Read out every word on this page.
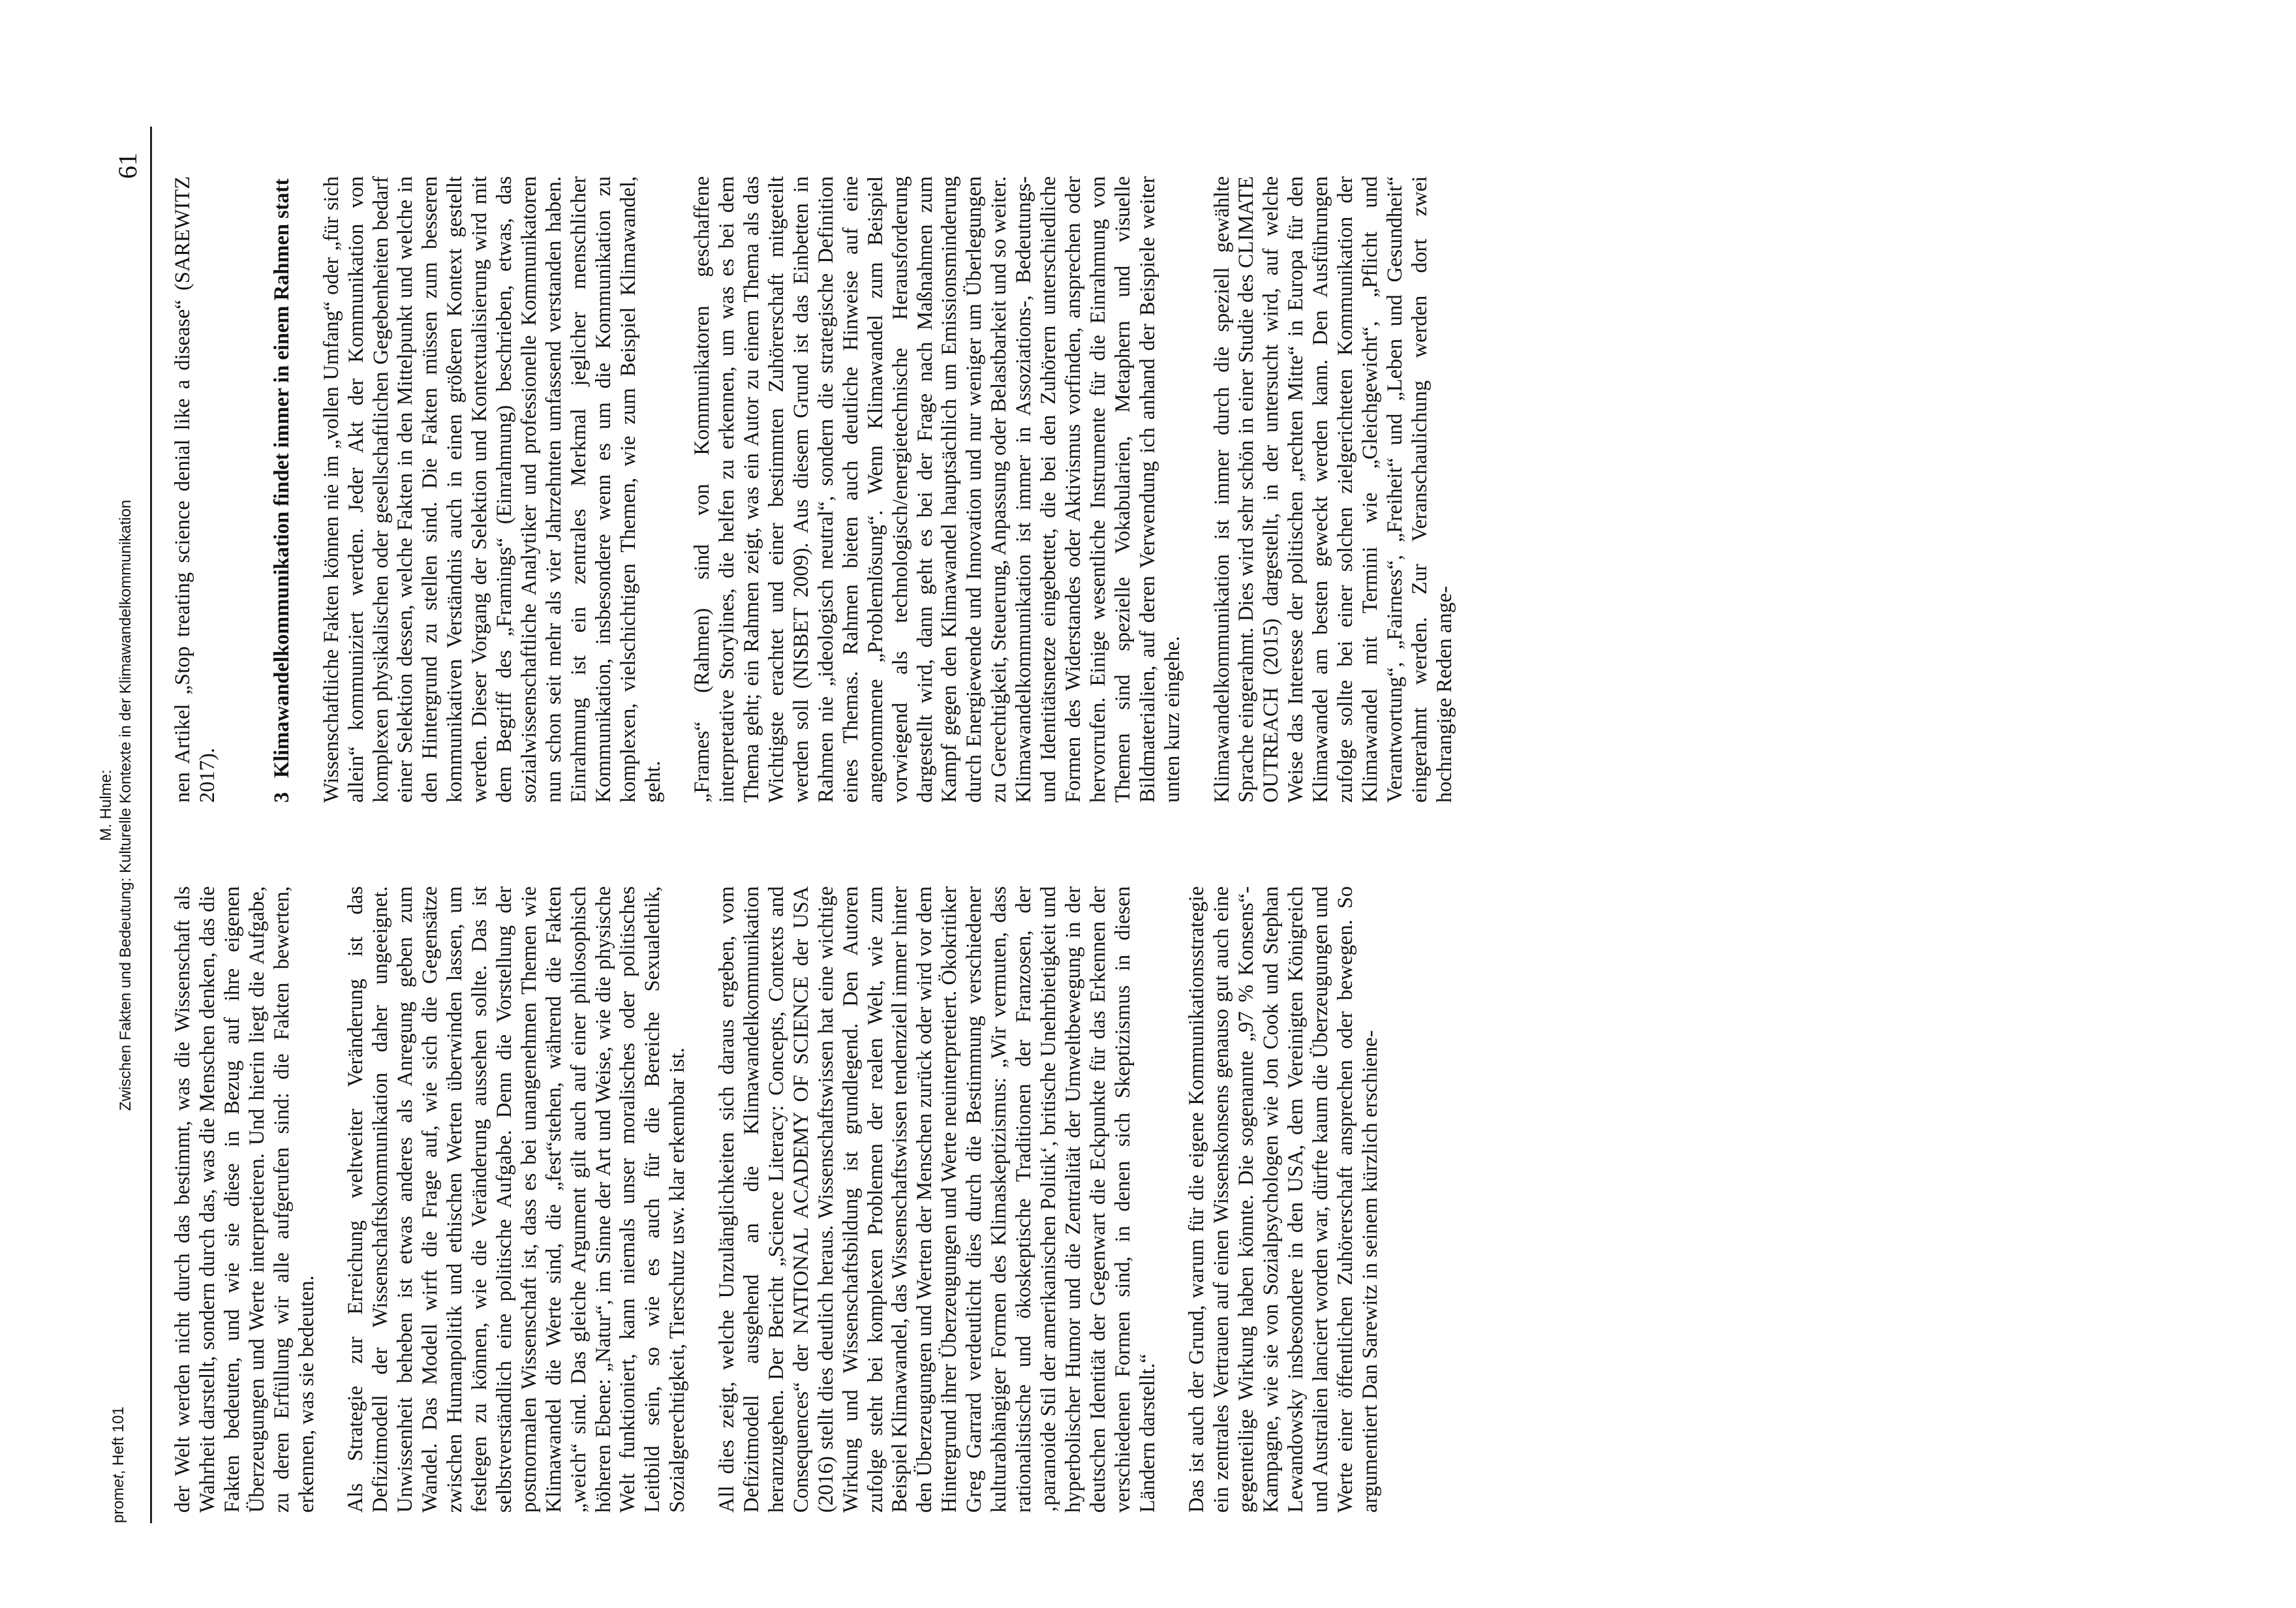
promet, Heft 101
M. Hulme: Zwischen Fakten und Bedeutung: Kulturelle Kontexte in der Klimawandelkommunikation
61

der Welt werden nicht durch das bestimmt, was die Wissenschaft als Wahrheit darstellt, sondern durch das, was die Menschen denken, das die Fakten bedeuten, und wie sie diese in Bezug auf ihre eigenen Überzeugungen und Werte interpretieren. Und hierin liegt die Aufgabe, zu deren Erfüllung wir alle aufgerufen sind: die Fakten bewerten, erkennen, was sie bedeuten. Als Strategie zur Erreichung weltweiter Veränderung ist das Defizitmodell der Wissenschaftskommunikation daher ungeeignet. Unwissenheit beheben ist etwas anderes als Anregung geben zum Wandel. Das Modell wirft die Frage auf, wie sich die Gegensätze zwischen Humanpolitik und ethischen Werten überwinden lassen, um festlegen zu können, wie die Veränderung aussehen sollte. Das ist selbstverständlich eine politische Aufgabe. Denn die Vorstellung der postnormalen Wissenschaft ist, dass es bei unangenehmen Themen wie Klimawandel die Werte sind, die „fest“stehen, während die Fakten „weich“ sind. Das gleiche Argument gilt auch auf einer philosophisch höheren Ebene: „Natur“, im Sinne der Art und Weise, wie die physische Welt funktioniert, kann niemals unser moralisches oder politisches Leitbild sein, so wie es auch für die Bereiche Sexualethik, Sozialgerechtigkeit, Tierschutz usw. klar erkennbar ist. All dies zeigt, welche Unzulänglichkeiten sich daraus ergeben, vom Defizitmodell ausgehend an die Klimawandelkommunikation heranzugehen. Der Bericht „Science Literacy: Concepts, Contexts and Consequences“ der NATIONAL ACADEMY OF SCIENCE der USA (2016) stellt dies deutlich heraus. Wissenschaftswissen hat eine wichtige Wirkung und Wissenschaftsbildung ist grundlegend. Den Autoren zufolge steht bei komplexen Problemen der realen Welt, wie zum Beispiel Klimawandel, das Wissenschaftswissen tendenziell immer hinter den Überzeugungen und Werten der Menschen zurück oder wird vor dem Hintergrund ihrer Überzeugungen und Werte neuinterpretiert. Ökokritiker Greg Garrard verdeutlicht dies durch die Bestimmung verschiedener kulturabhängiger Formen des Klimaskeptizismus: „Wir vermuten, dass rationalistische und ökoskeptische Traditionen der Franzosen, der ‚paranoide Stil der amerikanischen Politik‘, britische Unehrbietigkeit und hyperbolischer Humor und die Zentralität der Umweltbewegung in der deutschen Identität der Gegenwart die Eckpunkte für das Erkennen der verschiedenen Formen sind, in denen sich Skeptizismus in diesen Ländern darstellt.“ Das ist auch der Grund, warum für die eigene Kommunikationsstrategie ein zentrales Vertrauen auf einen Wissenskonsens genauso gut auch eine gegenteilige Wirkung haben könnte. Die sogenannte „97 % Konsens“-Kampagne, wie sie von Sozialpsychologen wie Jon Cook und Stephan Lewandowsky insbesondere in den USA, dem Vereinigten Königreich und Australien lanciert worden war, dürfte kaum die Überzeugungen und Werte einer öffentlichen Zuhörerschaft ansprechen oder bewegen. So argumentiert Dan Sarewitz in seinem kürzlich erschiene-

nen Artikel „Stop treating science denial like a disease“ (SAREWITZ 2017). 3
Klimawandelkommunikation findet immer in einem Rahmen statt Wissenschaftliche Fakten können nie im „vollen Umfang“ oder „für sich allein“ kommuniziert werden. Jeder Akt der Kommunikation von komplexen physikalischen oder gesellschaftlichen Gegebenheiten bedarf einer Selektion dessen, welche Fakten in den Mittelpunkt und welche in den Hintergrund zu stellen sind. Die Fakten müssen zum besseren kommunikativen Verständnis auch in einen größeren Kontext gestellt werden. Dieser Vorgang der Selektion und Kontextualisierung wird mit dem Begriff des „Framings“ (Einrahmung) beschrieben, etwas, das sozialwissenschaftliche Analytiker und professionelle Kommunikatoren nun schon seit mehr als vier Jahrzehnten umfassend verstanden haben. Einrahmung ist ein zentrales Merkmal jeglicher menschlicher Kommunikation, insbesondere wenn es um die Kommunikation zu komplexen, vielschichtigen Themen, wie zum Beispiel Klimawandel, geht. „Frames“ (Rahmen) sind von Kommunikatoren geschaffene interpretative Storylines, die helfen zu erkennen, um was es bei dem Thema geht; ein Rahmen zeigt, was ein Autor zu einem Thema als das Wichtigste erachtet und einer bestimmten Zuhörerschaft mitgeteilt werden soll (NISBET 2009). Aus diesem Grund ist das Einbetten in Rahmen nie „ideologisch neutral“, sondern die strategische Definition eines Themas. Rahmen bieten auch deutliche Hinweise auf eine angenommene „Problemlösung“. Wenn Klimawandel zum Beispiel vorwiegend als technologisch/energietechnische Herausforderung dargestellt wird, dann geht es bei der Frage nach Maßnahmen zum Kampf gegen den Klimawandel hauptsächlich um Emissionsminderung durch Energiewende und Innovation und nur weniger um Überlegungen zu Gerechtigkeit, Steuerung, Anpassung oder Belastbarkeit und so weiter. Klimawandelkommunikation ist immer in Assoziations-, Bedeutungs- und Identitätsnetze eingebettet, die bei den Zuhörern unterschiedliche Formen des Widerstandes oder Aktivismus vorfinden, ansprechen oder hervorrufen. Einige wesentliche Instrumente für die Einrahmung von Themen sind spezielle Vokabularien, Metaphern und visuelle Bildmaterialien, auf deren Verwendung ich anhand der Beispiele weiter unten kurz eingehe. Klimawandelkommunikation ist immer durch die speziell gewählte Sprache eingerahmt. Dies wird sehr schön in einer Studie des CLIMATE OUTREACH (2015) dargestellt, in der untersucht wird, auf welche Weise das Interesse der politischen „rechten Mitte“ in Europa für den Klimawandel am besten geweckt werden kann. Den Ausführungen zufolge sollte bei einer solchen zielgerichteten Kommunikation der Klimawandel mit Termini wie „Gleichgewicht“, „Pflicht und Verantwortung“, „Fairness“, „Freiheit“ und „Leben und Gesundheit“ eingerahmt werden. Zur Veranschaulichung werden dort zwei hochrangige Reden ange-
